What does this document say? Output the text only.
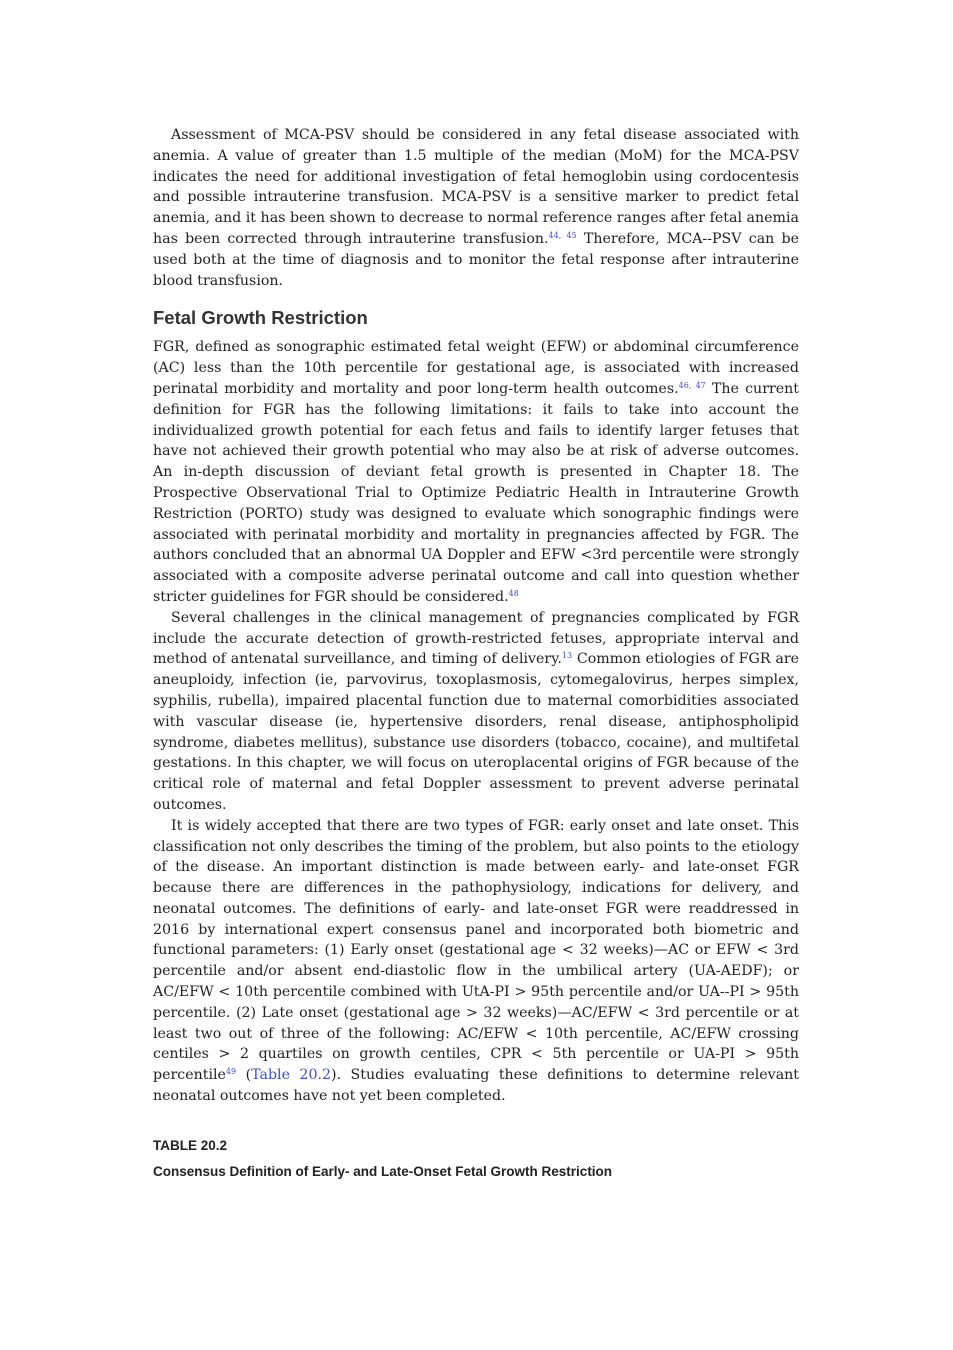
Assessment of MCA-PSV should be considered in any fetal disease associated with anemia. A value of greater than 1.5 multiple of the median (MoM) for the MCA-PSV indicates the need for additional investigation of fetal hemoglobin using cordocentesis and possible intrauterine transfusion. MCA-PSV is a sensitive marker to predict fetal anemia, and it has been shown to decrease to normal reference ranges after fetal anemia has been corrected through intrauterine transfusion.$^{44, 45}$ Therefore, MCA--PSV can be used both at the time of diagnosis and to monitor the fetal response after intrauterine blood transfusion.

Fetal Growth Restriction

FGR, defined as sonographic estimated fetal weight (EFW) or abdominal circumference (AC) less than the 10th percentile for gestational age, is associated with increased perinatal morbidity and mortality and poor long-term health outcomes.$^{46, 47}$ The current definition for FGR has the following limitations: it fails to take into account the individualized growth potential for each fetus and fails to identify larger fetuses that have not achieved their growth potential who may also be at risk of adverse outcomes. An in-depth discussion of deviant fetal growth is presented in Chapter 18. The Prospective Observational Trial to Optimize Pediatric Health in Intrauterine Growth Restriction (PORTO) study was designed to evaluate which sonographic findings were associated with perinatal morbidity and mortality in pregnancies affected by FGR. The authors concluded that an abnormal UA Doppler and EFW <3rd percentile were strongly associated with a composite adverse perinatal outcome and call into question whether stricter guidelines for FGR should be considered.$^{48}$

Several challenges in the clinical management of pregnancies complicated by FGR include the accurate detection of growth-restricted fetuses, appropriate interval and method of antenatal surveillance, and timing of delivery.$^{13}$ Common etiologies of FGR are aneuploidy, infection (ie, parvovirus, toxoplasmosis, cytomegalovirus, herpes simplex, syphilis, rubella), impaired placental function due to maternal comorbidities associated with vascular disease (ie, hypertensive disorders, renal disease, antiphospholipid syndrome, diabetes mellitus), substance use disorders (tobacco, cocaine), and multifetal gestations. In this chapter, we will focus on uteroplacental origins of FGR because of the critical role of maternal and fetal Doppler assessment to prevent adverse perinatal outcomes.

It is widely accepted that there are two types of FGR: early onset and late onset. This classification not only describes the timing of the problem, but also points to the etiology of the disease. An important distinction is made between early- and late-onset FGR because there are differences in the pathophysiology, indications for delivery, and neonatal outcomes. The definitions of early- and late-onset FGR were readdressed in 2016 by international expert consensus panel and incorporated both biometric and functional parameters: (1) Early onset (gestational age < 32 weeks)—AC or EFW < 3rd percentile and/or absent end-diastolic flow in the umbilical artery (UA-AEDF); or AC/EFW < 10th percentile combined with UtA-PI > 95th percentile and/or UA--PI > 95th percentile. (2) Late onset (gestational age > 32 weeks)—AC/EFW < 3rd percentile or at least two out of three of the following: AC/EFW < 10th percentile, AC/EFW crossing centiles > 2 quartiles on growth centiles, CPR < 5th percentile or UA-PI > 95th percentile$^{49}$ (Table 20.2). Studies evaluating these definitions to determine relevant neonatal outcomes have not yet been completed.

TABLE 20.2
Consensus Definition of Early- and Late-Onset Fetal Growth Restriction
